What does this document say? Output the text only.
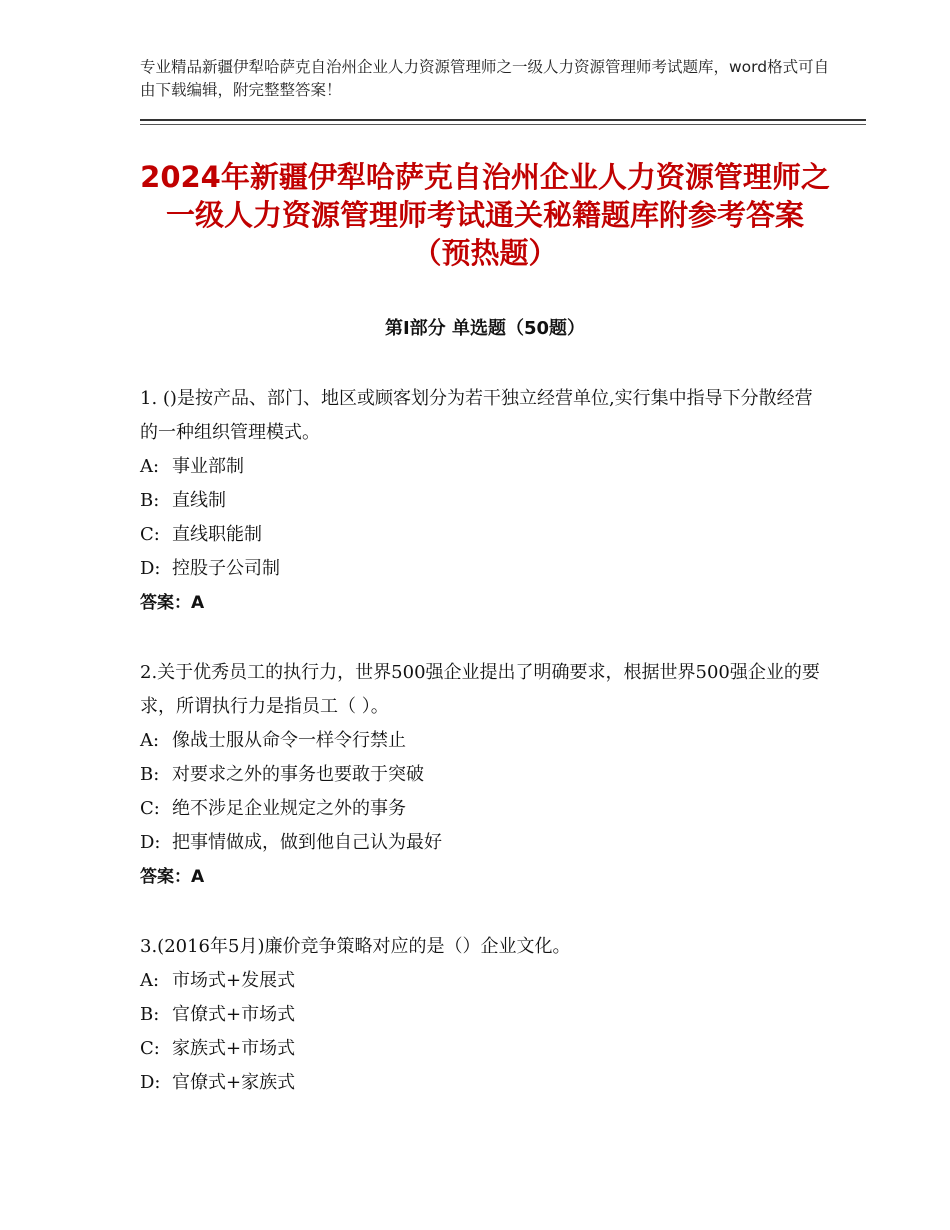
专业精品新疆伊犁哈萨克自治州企业人力资源管理师之一级人力资源管理师考试题库，word格式可自由下载编辑，附完整整答案！
2024年新疆伊犁哈萨克自治州企业人力资源管理师之一级人力资源管理师考试通关秘籍题库附参考答案（预热题）
第Ⅰ部分 单选题（50题）

1. ()是按产品、部门、地区或顾客划分为若干独立经营单位,实行集中指导下分散经营的一种组织管理模式。

A: 事业部制

B: 直线制

C: 直线职能制

D: 控股子公司制

答案：A

2.关于优秀员工的执行力，世界500强企业提出了明确要求，根据世界500强企业的要 求，所谓执行力是指员工（ ）。

A: 像战士服从命令一样令行禁止

B: 对要求之外的事务也要敢于突破

C: 绝不涉足企业规定之外的事务

D: 把事情做成，做到他自己认为最好

答案：A

3.(2016年5月)廉价竞争策略对应的是（）企业文化。

A: 市场式+发展式

B: 官僚式+市场式

C: 家族式+市场式

D: 官僚式+家族式
